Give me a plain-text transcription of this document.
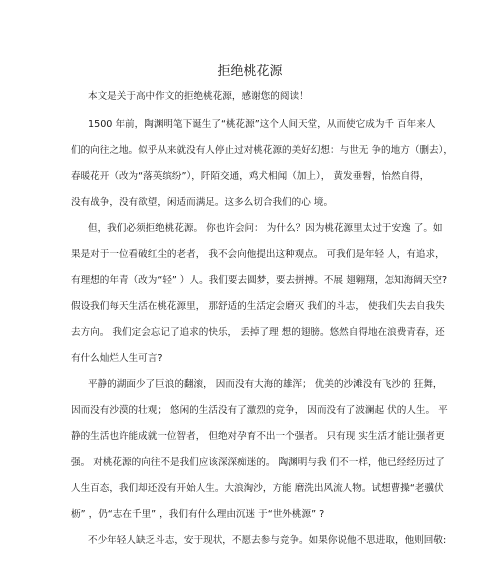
拒绝桃花源
本文是关于高中作文的拒绝桃花源，感谢您的阅读！
1500 年前，陶渊明笔下诞生了“桃花源”这个人间天堂，从而使它成为千 百年来人
们的向往之地。似乎从来就没有人停止过对桃花源的美好幻想：与世无 争的地方（删去），
春暖花开（改为“落英缤纷”），阡陌交通，鸡犬相闻（加上）， 黄发垂髫，怡然自得，
没有战争，没有欲望，闲适而满足。这多么切合我们的心 境。
但，我们必须拒绝桃花源。 你也许会问： 为什么？因为桃花源里太过于安逸 了。如
果是对于一位看破红尘的老者， 我不会向他提出这种观点。 可我们是年轻 人，有追求，
有理想的年青（改为“轻” ）人。我们要去圆梦，要去拼搏。不展 翅翱翔，怎知海阔天空?
假设我们每天生活在桃花源里， 那舒适的生活定会磨灭 我们的斗志， 使我们失去自我失
去方向。 我们定会忘记了追求的快乐， 丢掉了理 想的翅膀。悠然自得地在浪费青春，还
有什么灿烂人生可言?
平静的湖面少了巨浪的翻滚， 因而没有大海的雄浑； 优美的沙滩没有飞沙的 狂舞，
因而没有沙漠的壮观； 悠闲的生活没有了激烈的竞争， 因而没有了波澜起 伏的人生。 平
静的生活也许能成就一位智者， 但绝对孕育不出一个强者。 只有现 实生活才能让强者更
强。 对桃花源的向往不是我们应该深深痴迷的。 陶渊明与我 们不一样，他已经经历过了
人生百态，我们却还没有开始人生。大浪淘沙，方能 磨洗出风流人物。试想曹操“老骥伏
枥” ，仍“志在千里” ，我们有什么理由沉迷 于“世外桃源” ?
不少年轻人缺乏斗志，安于现状，不愿去参与竞争。如果你说他不思进取，他则回敬:
